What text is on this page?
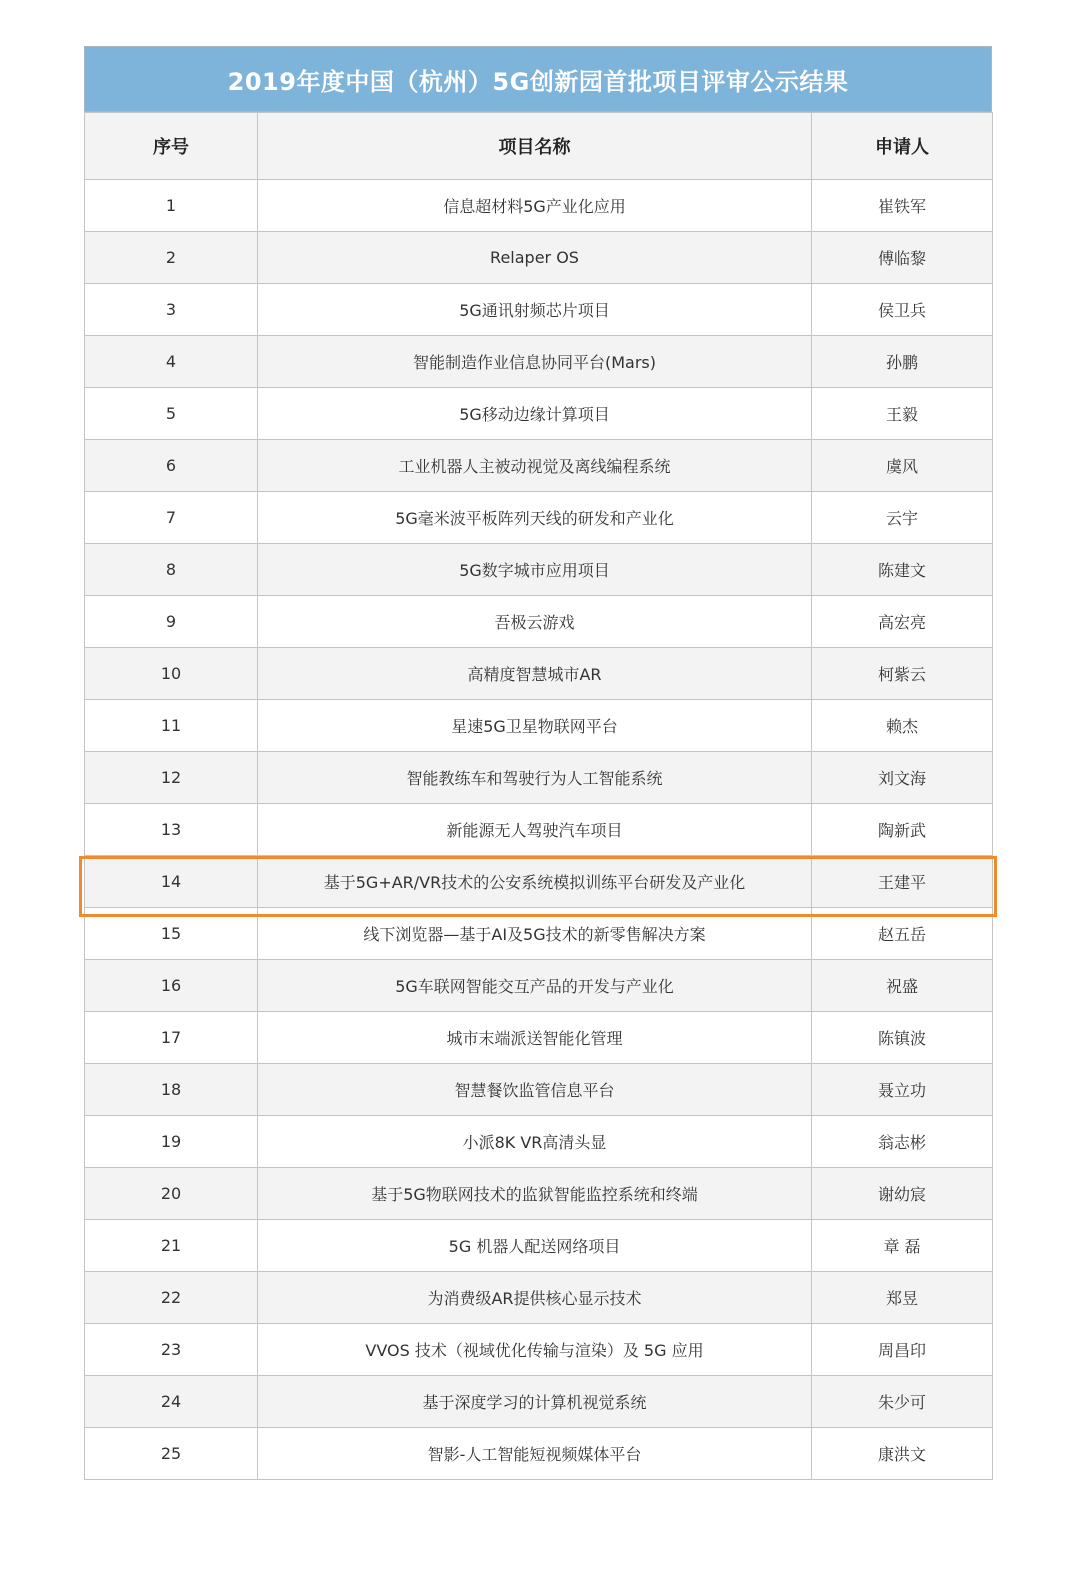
2019年度中国（杭州）5G创新园首批项目评审公示结果
序号	项目名称	申请人
1	信息超材料5G产业化应用	崔铁军
2	Relaper OS	傅临黎
3	5G通讯射频芯片项目	侯卫兵
4	智能制造作业信息协同平台(Mars)	孙鹏
5	5G移动边缘计算项目	王毅
6	工业机器人主被动视觉及离线编程系统	虞风
7	5G毫米波平板阵列天线的研发和产业化	云宇
8	5G数字城市应用项目	陈建文
9	吾极云游戏	高宏亮
10	高精度智慧城市AR	柯紫云
11	星速5G卫星物联网平台	赖杰
12	智能教练车和驾驶行为人工智能系统	刘文海
13	新能源无人驾驶汽车项目	陶新武
14	基于5G+AR/VR技术的公安系统模拟训练平台研发及产业化	王建平
15	线下浏览器—基于AI及5G技术的新零售解决方案	赵五岳
16	5G车联网智能交互产品的开发与产业化	祝盛
17	城市末端派送智能化管理	陈镇波
18	智慧餐饮监管信息平台	聂立功
19	小派8K VR高清头显	翁志彬
20	基于5G物联网技术的监狱智能监控系统和终端	谢幼宸
21	5G 机器人配送网络项目	章 磊
22	为消费级AR提供核心显示技术	郑昱
23	VVOS 技术（视域优化传输与渲染）及 5G 应用	周昌印
24	基于深度学习的计算机视觉系统	朱少可
25	智影-人工智能短视频媒体平台	康洪文
